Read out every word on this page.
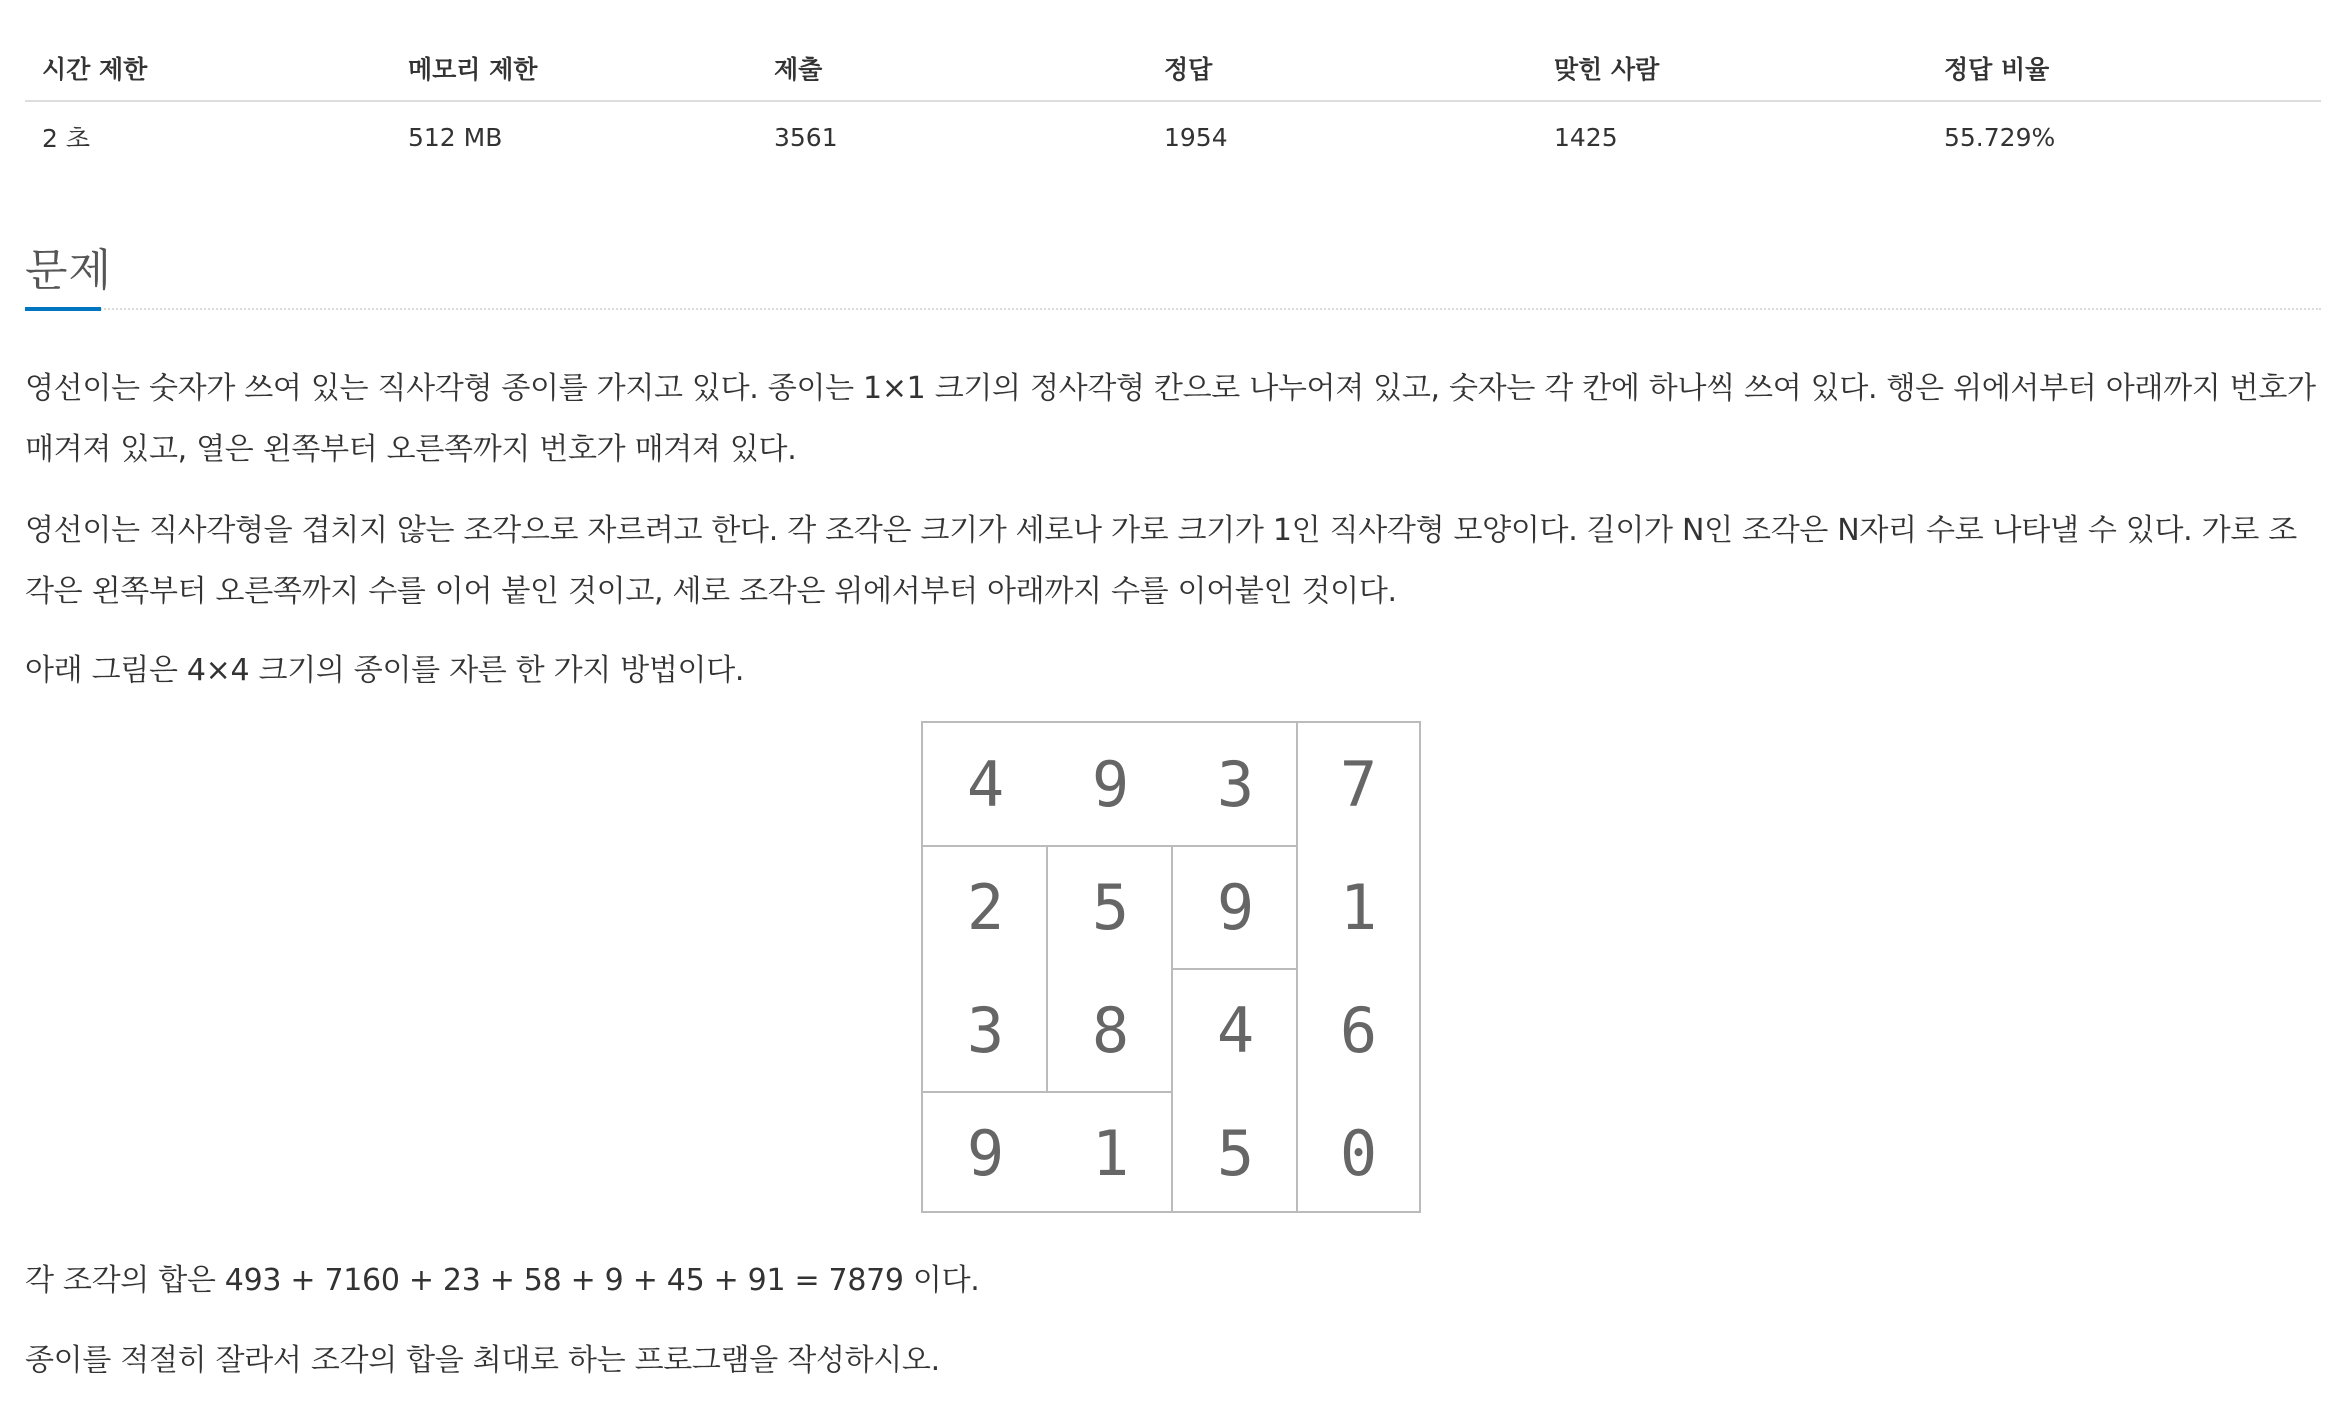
시간 제한	메모리 제한	제출	정답	맞힌 사람	정답 비율
2 초	512 MB	3561	1954	1425	55.729%
문제

영선이는 숫자가 쓰여 있는 직사각형 종이를 가지고 있다. 종이는 1×1 크기의 정사각형 칸으로 나누어져 있고, 숫자는 각 칸에 하나씩 쓰여 있다. 행은 위에서부터 아래까지 번호가 매겨져 있고, 열은 왼쪽부터 오른쪽까지 번호가 매겨져 있다.

영선이는 직사각형을 겹치지 않는 조각으로 자르려고 한다. 각 조각은 크기가 세로나 가로 크기가 1인 직사각형 모양이다. 길이가 N인 조각은 N자리 수로 나타낼 수 있다. 가로 조각은 왼쪽부터 오른쪽까지 수를 이어 붙인 것이고, 세로 조각은 위에서부터 아래까지 수를 이어붙인 것이다.

아래 그림은 4×4 크기의 종이를 자른 한 가지 방법이다.

4	9	3	7
2	5	9	1
3	8	4	6
9	1	5	0

각 조각의 합은 493 + 7160 + 23 + 58 + 9 + 45 + 91 = 7879 이다.

종이를 적절히 잘라서 조각의 합을 최대로 하는 프로그램을 작성하시오.
